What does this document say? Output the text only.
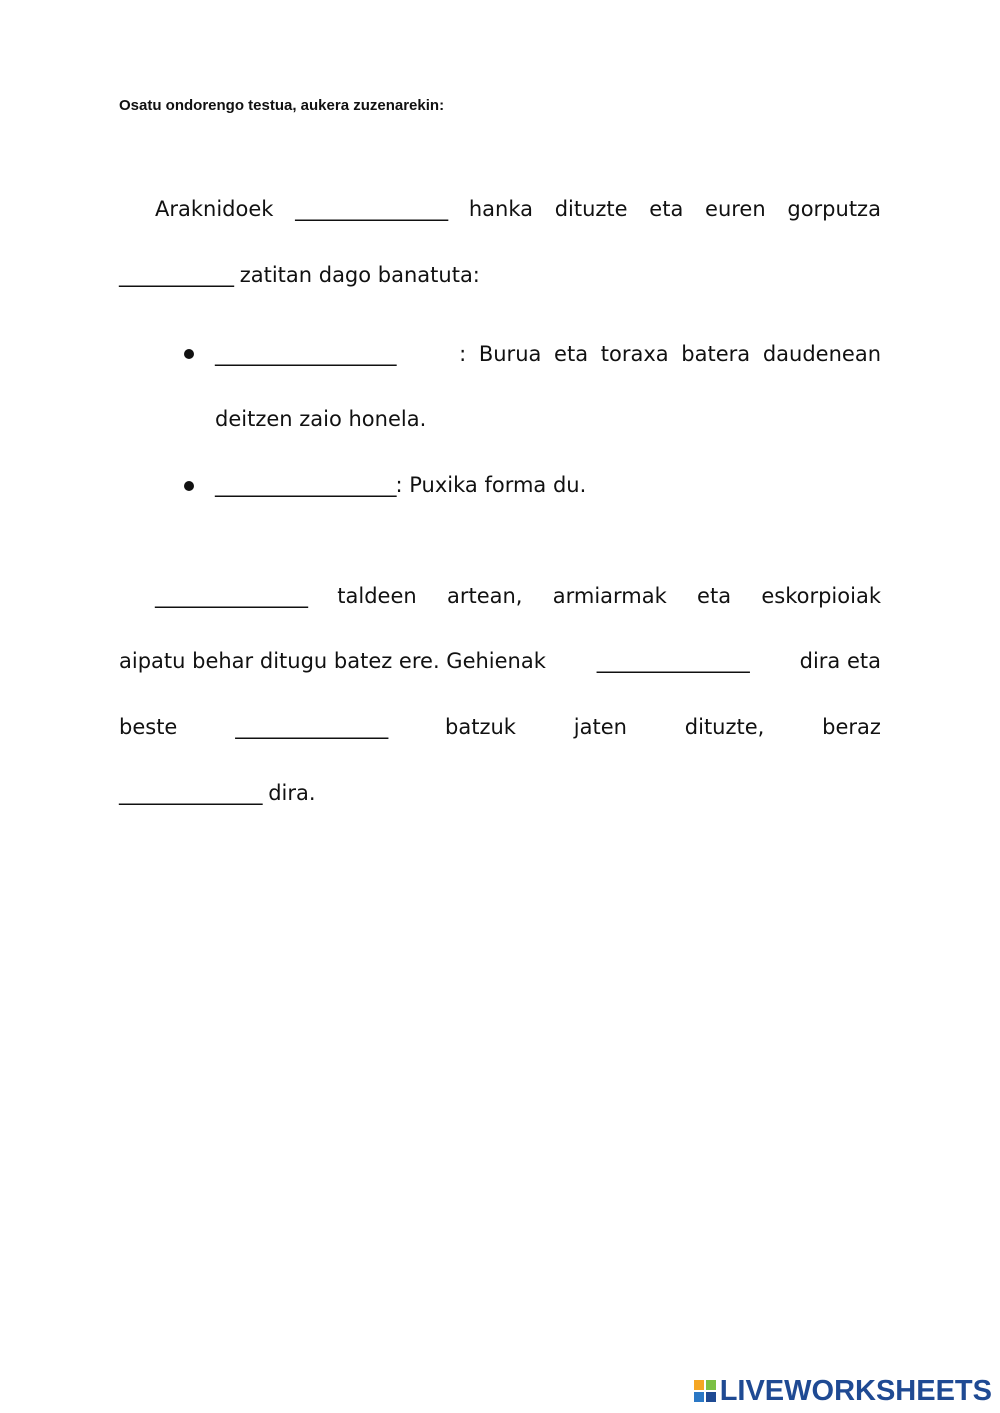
Osatu ondorengo testua, aukera zuzenarekin:
Araknidoek ________________ hanka dituzte eta euren gorputza
____________ zatitan dago banatuta:
___________________	: Burua eta toraxa batera daudenean
deitzen zaio honela.
___________________: Puxika forma du.
________________ taldeen artean, armiarmak eta eskorpioiak
aipatu behar ditugu batez ere. Gehienak ________________ dira eta
beste	________________	batzuk	jaten	dituzte,	beraz
_______________ dira.
LIVEWORKSHEETS
